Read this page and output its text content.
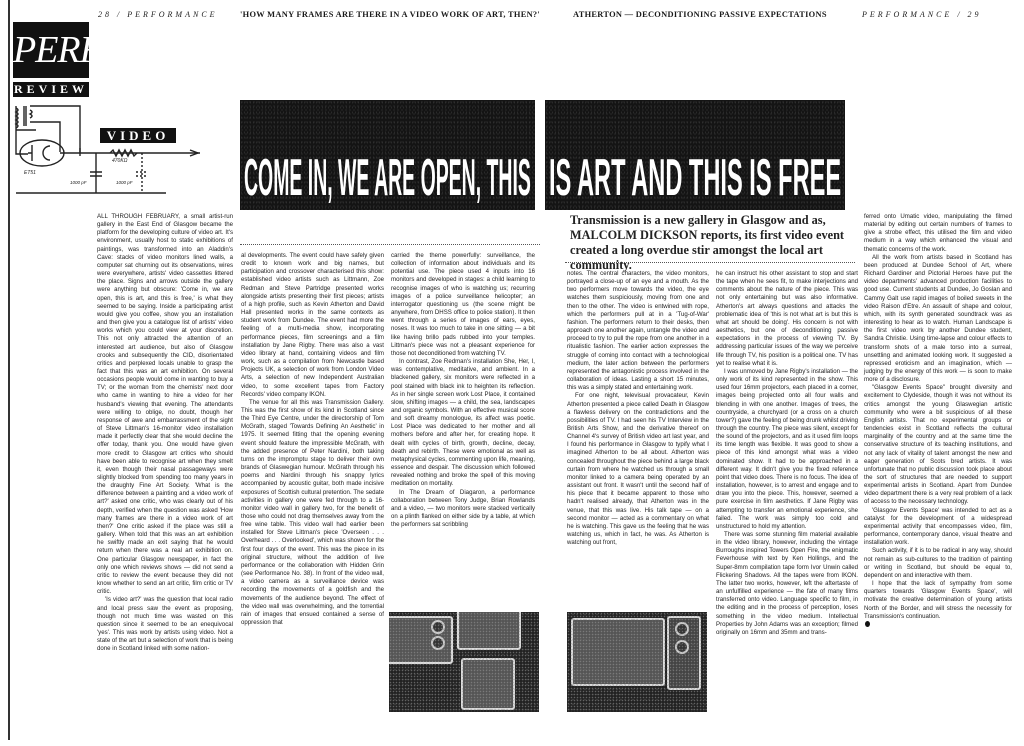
28 / PERFORMANCE	'HOW MANY FRAMES ARE THERE IN A VIDEO WORK OF ART, THEN?'	ATHERTON — DECONDITIONING PASSIVE EXPECTATIONS	PERFORMANCE / 29
PERF
REVIEW
ET51
470KΩ
1000 pF	1000 pF
VIDEO
COME IN, WE ARE OPEN, THIS IS ART AND THIS IS FREE
Transmission is a new gallery in Glasgow and as, MALCOLM DICKSON reports, its first video event created a long overdue stir amongst the local art community.

ALL THROUGH FEBRUARY, a small artist-run gallery in the East End of Glasgow became the platform for the developing culture of video art. It's environment, usually host to static exhibitions of paintings, was transformed into an Aladdin's Cave: stacks of video monitors lined walls, a computer sat churning out its observations, wires were everywhere, artists' video cassettes littered the place. Signs and arrows outside the gallery were anything but obscure: 'Come in, we are open, this is art, and this is free,' is what they seemed to be saying. Inside a participating artist would give you coffee, show you an installation and then give you a catalogue list of artists' video works which you could view at your discretion. This not only attracted the attention of an interested art audience, but also of Glasgow crooks and subsequently the CID, disorientated critics and perplexed locals unable to grasp the fact that this was an art exhibition. On several occasions people would come in wanting to buy a TV; or the woman from the chemists' next door who came in wanting to hire a video for her husband's viewing that evening. The attendants were willing to oblige, no doubt, though her response of awe and embarrassment of the sight of Steve Littman's 16-monitor video installation made it perfectly clear that she would decline the offer today, thank you. One would have given more credit to Glasgow art critics who should have been able to recognise art when they smelt it, even though their nasal passageways were slightly blocked from spending too many years in the draughty Fine Art Society. 'What is the difference between a painting and a video work of art?' asked one critic, who was clearly out of his depth, verified when the question was asked 'How many frames are there in a video work of art then?' One critic asked if the place was still a gallery. When told that this was an art exhibition he swiftly made an exit saying that he would return when there was a real art exhibition on. One particular Glasgow newspaper, in fact the only one which reviews shows — did not send a critic to review the event because they did not know whether to send an art critic, film critic or TV critic.

'Is video art?' was the question that local radio and local press saw the event as proposing, though not much time was wasted on this question since it seemed to be an enequivocal 'yes'. This was work by artists using video. Not a state of the art but a selection of work that is being done in Scotland linked with some nation-

al developments. The event could have safely given credit to known work and big names, but participation and crossover characterised this show: established video artists such as Littmann, Zoe Redman and Steve Partridge presented works alongside artists presenting their first pieces; artists of a high profile, such as Kevin Atherton and David Hall presented works in the same contexts as student work from Dundee. The event had more the feeling of a multi-media show, incorporating performance pieces, film screenings and a film installation by Jane Rigby. There was also a vast video library at hand, containing videos and film work, such as a compilation from Newcastle based Projects UK, a selection of work from London Video Arts, a selection of new Independent Australian video, to some excellent tapes from Factory Records' video company IKON.

The venue for all this was Transmission Gallery. This was the first show of its kind in Scotland since the Third Eye Centre, under the directorship of Tom McGrath, staged 'Towards Defining An Aesthetic' in 1975. It seemed fitting that the opening evening event should feature the impressible McGrath, with the added presence of Peter Nardini, both taking turns on the impromptu stage to deliver their own brands of Glaswegian humour. McGrath through his poems and Nardini through his snappy lyrics accompanied by acoustic guitar, both made incisive exposures of Scottish cultural pretention. The sedate activities in gallery one were fed through to a 16-monitor video wall in gallery two, for the benefit of those who could not drag themselves away from the free wine table. This video wall had earlier been installed for Steve Littman's piece 'Overseen . . . Overheard . . . Overlooked', which was shown for the first four days of the event. This was the piece in its original structure, without the addition of live performance or the collaboration with Hidden Grin (see Performance No. 38). In front of the video wall, a video camera as a surveillance device was recording the movements of a goldfish and the movements of the audience beyond. The effect of the video wall was overwhelming, and the torrential rain of images that ensued contained a sense of oppression that

carried the theme powerfully: surveillance, the collection of information about individuals and its potential use. The piece used 4 inputs into 16 monitors and developed in stages: a child learning to recognise images of who is watching us; recurring images of a police surveillance helicopter; an interrogator questioning us (the scene might be anywhere, from DHSS office to police station). It then went through a series of images of ears, eyes, noses. It was too much to take in one sitting — a bit like having brillo pads rubbed into your temples. Littman's piece was not a pleasant experience for those not deconditioned from watching TV.

In contrast, Zoe Redman's installation She, Her, I, was contemplative, meditative, and ambient. In a blackened gallery, six monitors were reflected in a pool stained with black ink to heighten its reflection. As in her single screen work Lost Place, it contained slow, shifting images — a child, the sea, landscapes and organic symbols. With an effective musical score and soft dreamy monologue, its affect was poetic. Lost Place was dedicated to her mother and all mothers before and after her, for creating hope. It dealt with cycles of birth, growth, decline, decay, death and rebirth. These were emotional as well as metaphysical cycles, commenting upon life, meaning, essence and despair. The discussion which followed revealed nothing and broke the spell of this moving meditation on mortality.

In The Dream of Diagaron, a performance collaboration between Tony Judge, Brian Rowlands and a video, — two monitors were stacked vertically on a plinth flanked on either side by a table, at which the performers sat scribbling

notes. The central characters, the video monitors, portrayed a close-up of an eye and a mouth. As the two performers move towards the video, the eye watches them suspiciously, moving from one and then to the other. The video is entwined with rope, which the performers pull at in a 'Tug-of-War' fashion. The performers return to their desks, then approach one another again, untangle the video and proceed to try to pull the rope from one another in a ritualistic fashion. The earlier action expresses the struggle of coming into contact with a technological medium, the later action between the performers represented the antagonistic process involved in the collaboration of ideas. Lasting a short 15 minutes, this was a simply stated and entertaining work.

For one night, televisual provacateur, Kevin Atherton presented a piece called Death in Glasgow a flawless delivery on the contradictions and the possibilities of TV. I had seen his TV Interview in the British Arts Show, and the derivative thereof on Channel 4's survey of British video art last year, and I found his performance in Glasgow to typify what I imagined Atherton to be all about. Atherton was concealed throughout the piece behind a large black curtain from where he watched us through a small monitor linked to a camera being operated by an assistant out front. It wasn't until the second half of his piece that it became apparent to those who hadn't realised already, that Atherton was in the venue, that this was live. His talk tape — on a second monitor — acted as a commentary on what he is watching. This gave us the feeling that he was watching us, which in fact, he was. As Atherton is watching out front,

he can instruct his other assistant to stop and start the tape when he sees fit, to make interjections and comments about the nature of the piece. This was not only entertaining but was also informative. Atherton's art always questions and attacks the problematic idea of 'this is not what art is but this is what art should be doing'. His concern is not with aesthetics, but one of deconditioning passive expectations in the process of viewing TV. By addressing particular issues of the way we perceive life through TV, his position is a political one. TV has yet to realise what it is.

I was unmoved by Jane Rigby's installation — the only work of its kind represented in the show. This used four 16mm projectors, each placed in a corner, images being projected onto all four walls and blending in with one another. Images of trees, the countryside, a churchyard (or a cross on a church tower?) gave the feeling of being drunk whilst driving through the country. The piece was silent, except for the sound of the projectors, and as it used film loops its time length was flexible. It was good to show a piece of this kind amongst what was a video dominated show. It had to be approached in a different way. It didn't give you the fixed reference point that video does. There is no focus. The idea of installation, however, is to arrest and engage and to draw you into the piece. This, however, seemed a pure exercise in film aesthetics. If Jane Rigby was attempting to transfer an emotional experience, she failed. The work was simply too cold and unstructured to hold my attention.

There was some stunning film material available in the video library, however, including the vintage Burroughs inspired Towers Open Fire, the enigmatic Feverhouse with text by Ken Hollings, and the Super-8mm compilation tape form Ivor Unwin called Flickering Shadows. All the tapes were from IKON. The latter two works, however, left the aftertaste of an unfulfilled experience — the fate of many films transferred onto video. Language specific to film, in the editing and in the process of perception, loses something in the video medium. Intellectual Properties by John Adams was an exception; filmed originally on 16mm and 35mm and trans-

ferred onto Umatic video, manipulating the filmed material by editing out certain numbers of frames to give a strobe effect, this utilised the film and video medium in a way which enhanced the visual and thematic concerns of the work.

All the work from artists based in Scotland has been produced at Dundee School of Art, where Richard Gardiner and Pictorial Heroes have put the video departments' advanced production facilities to good use. Current students at Dundee, Jo Goslan and Cammy Galt use rapid images of boiled sweets in the video Raison d'Etre. An assault of shape and colour, which, with its synth generated soundtrack was as interesting to hear as to watch. Human Landscape is the first video work by another Dundee student, Sandra Christie. Using time-lapse and colour effects to transform shots of a male torso into a surreal, unsettling and animated looking work. It suggested a repressed eroticism and an imagination, which — judging by the energy of this work — is soon to make more of a disclosure.

"Glasgow Events Space" brought diversity and excitement to Clydeside, though it was not without its critics amongst the young Glaswegian artistic community who were a bit suspicious of all these English artists. That no experimental groups or tendencies exist in Scotland reflects the cultural marginality of the country and at the same time the conservative structure of its teaching institutions, and not any lack of vitality of talent amongst the new and eager generation of Scots bred artists. It was unfortunate that no public discussion took place about the sort of structures that are needed to support experimental artists in Scotland. Apart from Dundee video department there is a very real problem of a lack of access to the necessary technology.

'Glasgow Events Space' was intended to act as a catalyst for the development of a widespread experimental activity that encompasses video, film, performance, contemporary dance, visual theatre and installation work.

Such activity, if it is to be radical in any way, should not remain as sub-cultures to the tradition of painting or writing in Scotland, but should be equal to, dependent on and interactive with them.

I hope that the lack of sympathy from some quarters towards 'Glasgow Events Space', will motivate the creative determination of young artists North of the Border, and will stress the necessity for Transmission's continuation.
